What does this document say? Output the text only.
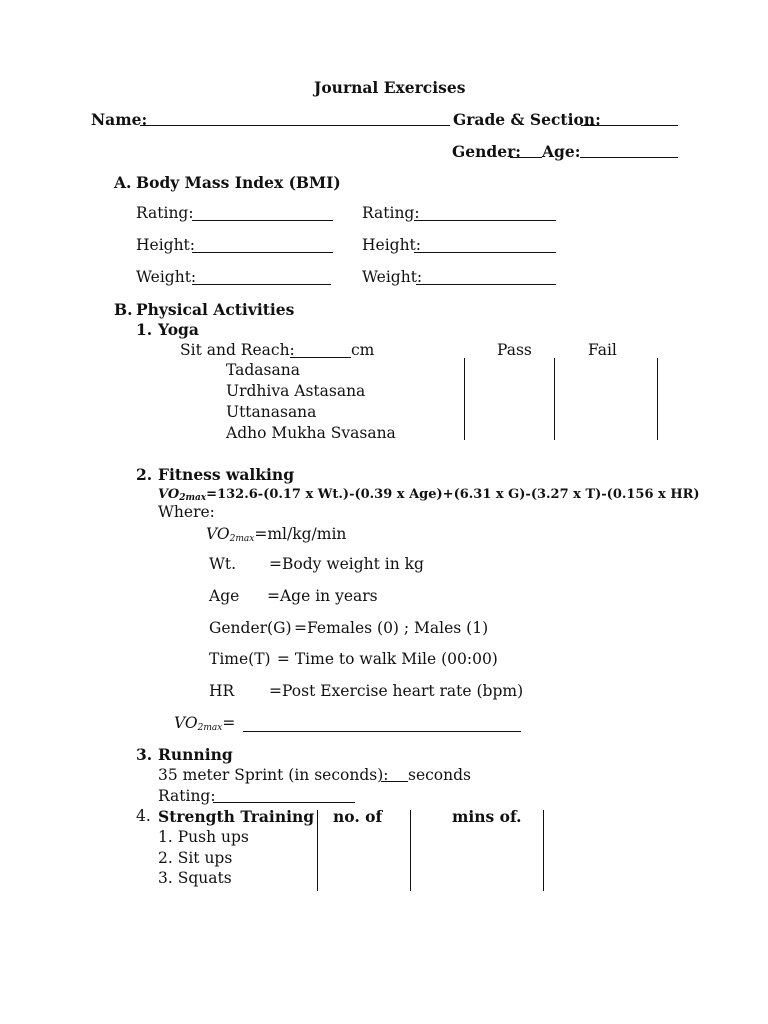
Journal Exercises
Name:	Grade & Section:
Gender: Age:
A. Body Mass Index (BMI)
Rating:	Rating:
Height:	Height:
Weight:	Weight:
B. Physical Activities
1. Yoga
Sit and Reach:	cm	Pass	Fail
Tadasana
Urdhiva Astasana
Uttanasana
Adho Mukha Svasana
2. Fitness walking
$VO_{2max}=132.6-(0.17$ x Wt.)-(0.39 x Age)+(6.31 x G)-(3.27 x T)-(0.156 x HR)
Where:
$VO_{2max}=ml/kg/\min$
Wt. =Body weight in kg
Age =Age in years
Gender(G) =Females (0) ; Males (1)
Time(T) = Time to walk Mile (00:00)
HR =Post Exercise heart rate (bpm)
$VO_{2max}=$
3. Running
35 meter Sprint (in seconds): seconds
Rating:
4. Strength Training no. of	mins of.
1. Push ups
2. Sit ups
3. Squats
